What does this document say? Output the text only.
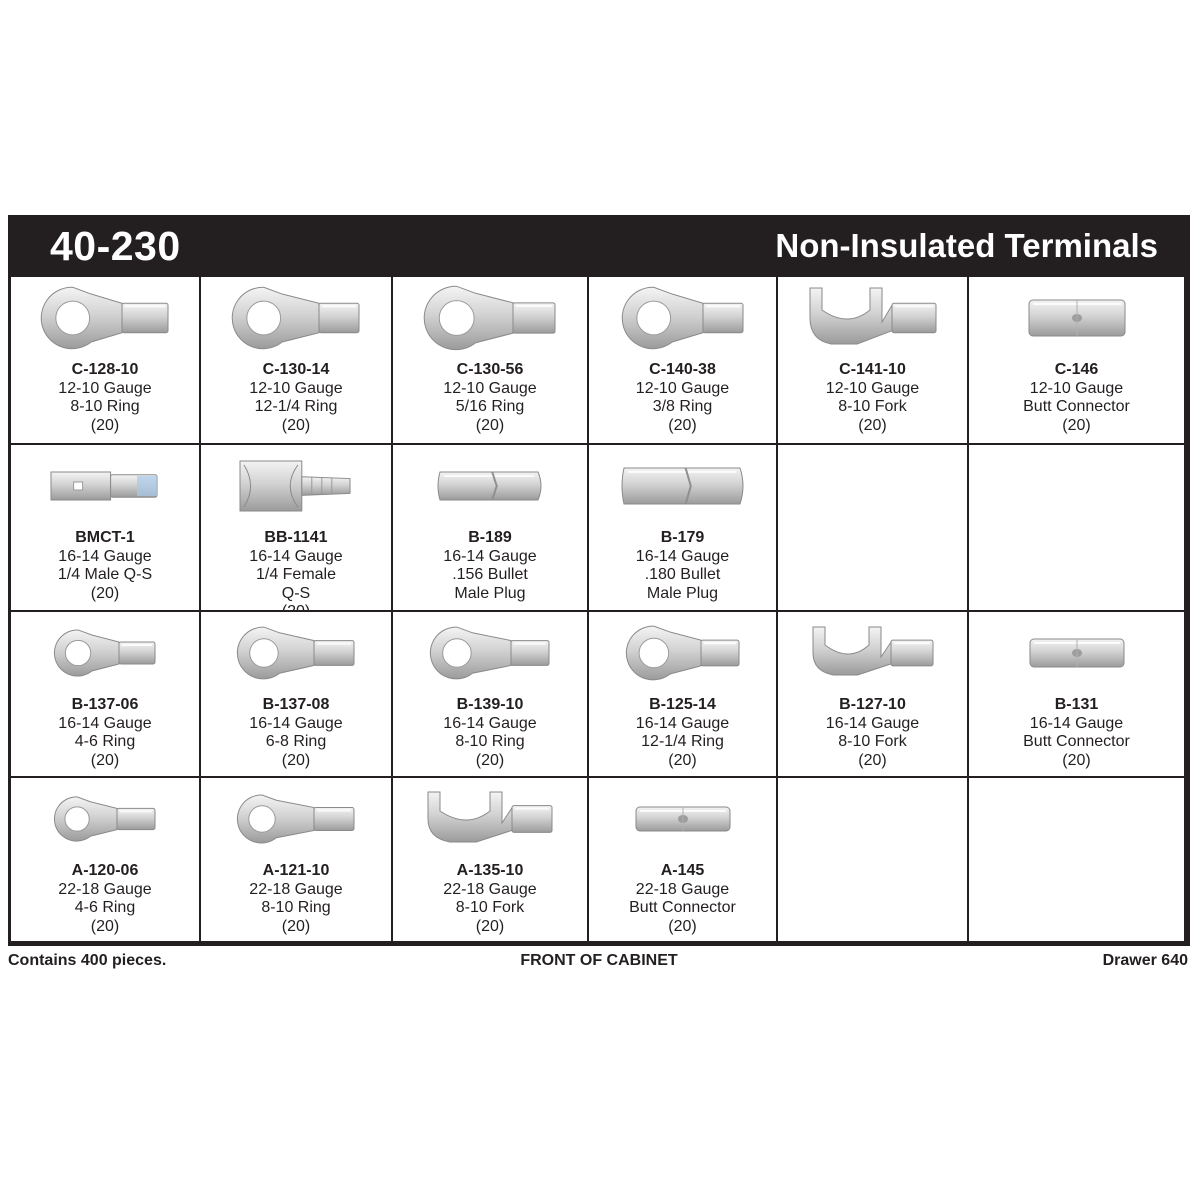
40-230	Non-Insulated Terminals
C-128-10
12-10 Gauge
8-10 Ring
(20)
C-130-14
12-10 Gauge
12-1/4 Ring
(20)
C-130-56
12-10 Gauge
5/16 Ring
(20)
C-140-38
12-10 Gauge
3/8 Ring
(20)
C-141-10
12-10 Gauge
8-10 Fork
(20)
C-146
12-10 Gauge
Butt Connector
(20)
BMCT-1
16-14 Gauge
1/4 Male Q-S
(20)
BB-1141
16-14 Gauge
1/4 Female
Q-S
B-189
16-14 Gauge
.156 Bullet
Male Plug
B-179
16-14 Gauge
.180 Bullet
Male Plug
B-137-06
16-14 Gauge
4-6 Ring
(20)
B-137-08
16-14 Gauge
6-8 Ring
(20)
B-139-10
16-14 Gauge
8-10 Ring
(20)
B-125-14
16-14 Gauge
12-1/4 Ring
(20)
B-127-10
16-14 Gauge
8-10 Fork
(20)
B-131
16-14 Gauge
Butt Connector
(20)
A-120-06
22-18 Gauge
4-6 Ring
(20)
A-121-10
22-18 Gauge
8-10 Ring
(20)
A-135-10
22-18 Gauge
8-10 Fork
(20)
A-145
22-18 Gauge
Butt Connector
(20)
Contains 400 pieces.	FRONT OF CABINET	Drawer 640
